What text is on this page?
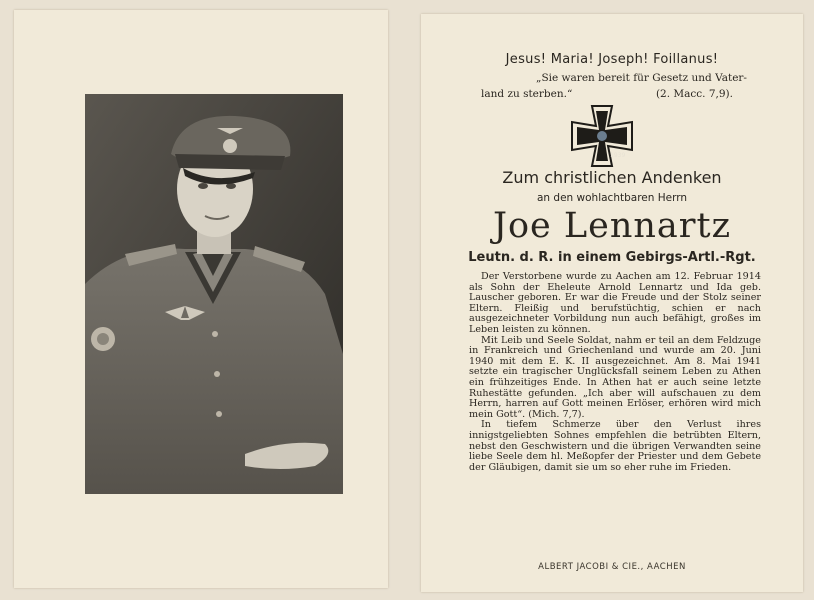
Jesus! Maria! Joseph! Foillanus!
„Sie waren bereit für Gesetz und Vater-
land zu sterben.“	(2. Macc. 7,9).
1939
Zum christlichen Andenken
an den wohlachtbaren Herrn
Joe Lennartz
Leutn. d. R. in einem Gebirgs-Artl.-Rgt.

Der Verstorbene wurde zu Aachen am 12. Februar 1914 als Sohn der Eheleute Arnold Lennartz und Ida geb. Lauscher geboren. Er war die Freude und der Stolz seiner Eltern. Fleißig und berufstüchtig, schien er nach ausgezeichneter Vorbildung nun auch befähigt, großes im Leben leisten zu können.

Mit Leib und Seele Soldat, nahm er teil an dem Feldzuge in Frankreich und Griechenland und wurde am 20. Juni 1940 mit dem E. K. II ausgezeichnet. Am 8. Mai 1941 setzte ein tragischer Unglücksfall seinem Leben zu Athen ein frühzeitiges Ende. In Athen hat er auch seine letzte Ruhestätte gefunden. „Ich aber will aufschauen zu dem Herrn, harren auf Gott meinen Erlöser, erhören wird mich mein Gott“. (Mich. 7,7).

In tiefem Schmerze über den Verlust ihres innigstgeliebten Sohnes empfehlen die betrübten Eltern, nebst den Geschwistern und die übrigen Verwandten seine liebe Seele dem hl. Meßopfer der Priester und dem Gebete der Gläubigen, damit sie um so eher ruhe im Frieden.

ALBERT JACOBI & CIE., AACHEN
